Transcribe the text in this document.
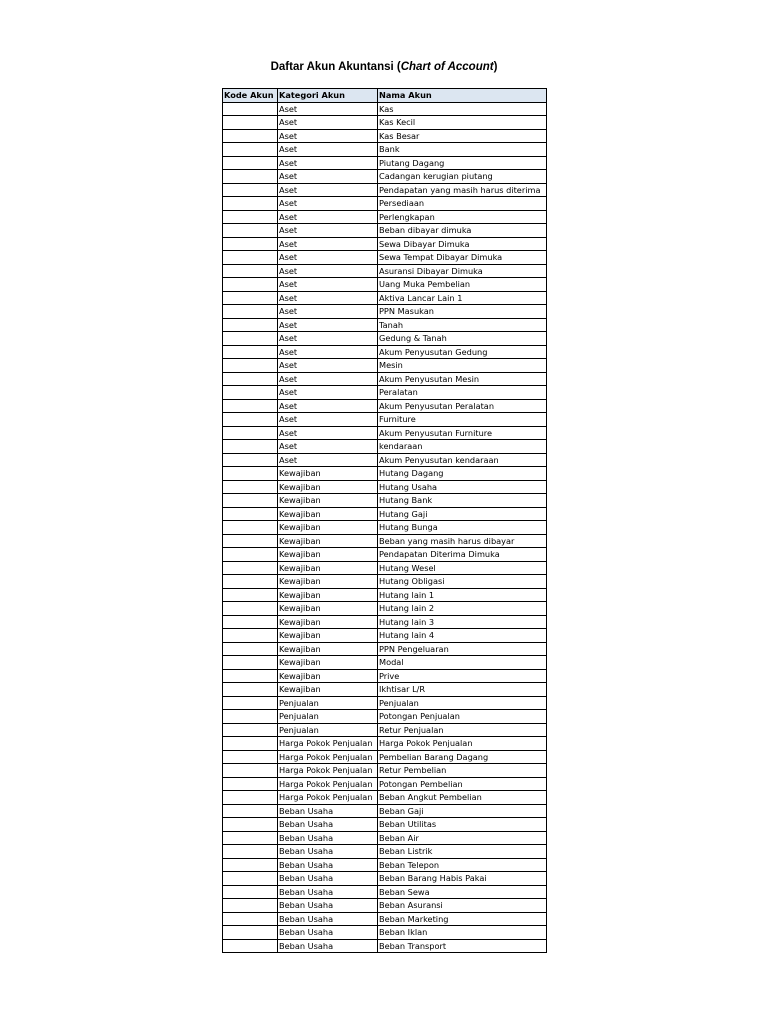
Daftar Akun Akuntansi (Chart of Account)
Kode Akun	Kategori Akun	Nama Akun
	Aset	Kas
	Aset	Kas Kecil
	Aset	Kas Besar
	Aset	Bank
	Aset	Piutang Dagang
	Aset	Cadangan kerugian piutang
	Aset	Pendapatan yang masih harus diterima
	Aset	Persediaan
	Aset	Perlengkapan
	Aset	Beban dibayar dimuka
	Aset	Sewa Dibayar Dimuka
	Aset	Sewa Tempat Dibayar Dimuka
	Aset	Asuransi Dibayar Dimuka
	Aset	Uang Muka Pembelian
	Aset	Aktiva Lancar Lain 1
	Aset	PPN Masukan
	Aset	Tanah
	Aset	Gedung & Tanah
	Aset	Akum Penyusutan Gedung
	Aset	Mesin
	Aset	Akum Penyusutan Mesin
	Aset	Peralatan
	Aset	Akum Penyusutan Peralatan
	Aset	Furniture
	Aset	Akum Penyusutan Furniture
	Aset	kendaraan
	Aset	Akum Penyusutan kendaraan
	Kewajiban	Hutang Dagang
	Kewajiban	Hutang Usaha
	Kewajiban	Hutang Bank
	Kewajiban	Hutang Gaji
	Kewajiban	Hutang Bunga
	Kewajiban	Beban yang masih harus dibayar
	Kewajiban	Pendapatan Diterima Dimuka
	Kewajiban	Hutang Wesel
	Kewajiban	Hutang Obligasi
	Kewajiban	Hutang lain 1
	Kewajiban	Hutang lain 2
	Kewajiban	Hutang lain 3
	Kewajiban	Hutang lain 4
	Kewajiban	PPN Pengeluaran
	Kewajiban	Modal
	Kewajiban	Prive
	Kewajiban	Ikhtisar L/R
	Penjualan	Penjualan
	Penjualan	Potongan Penjualan
	Penjualan	Retur Penjualan
	Harga Pokok Penjualan	Harga Pokok Penjualan
	Harga Pokok Penjualan	Pembelian Barang Dagang
	Harga Pokok Penjualan	Retur Pembelian
	Harga Pokok Penjualan	Potongan Pembelian
	Harga Pokok Penjualan	Beban Angkut Pembelian
	Beban Usaha	Beban Gaji
	Beban Usaha	Beban Utilitas
	Beban Usaha	Beban Air
	Beban Usaha	Beban Listrik
	Beban Usaha	Beban Telepon
	Beban Usaha	Beban Barang Habis Pakai
	Beban Usaha	Beban Sewa
	Beban Usaha	Beban Asuransi
	Beban Usaha	Beban Marketing
	Beban Usaha	Beban Iklan
	Beban Usaha	Beban Transport
